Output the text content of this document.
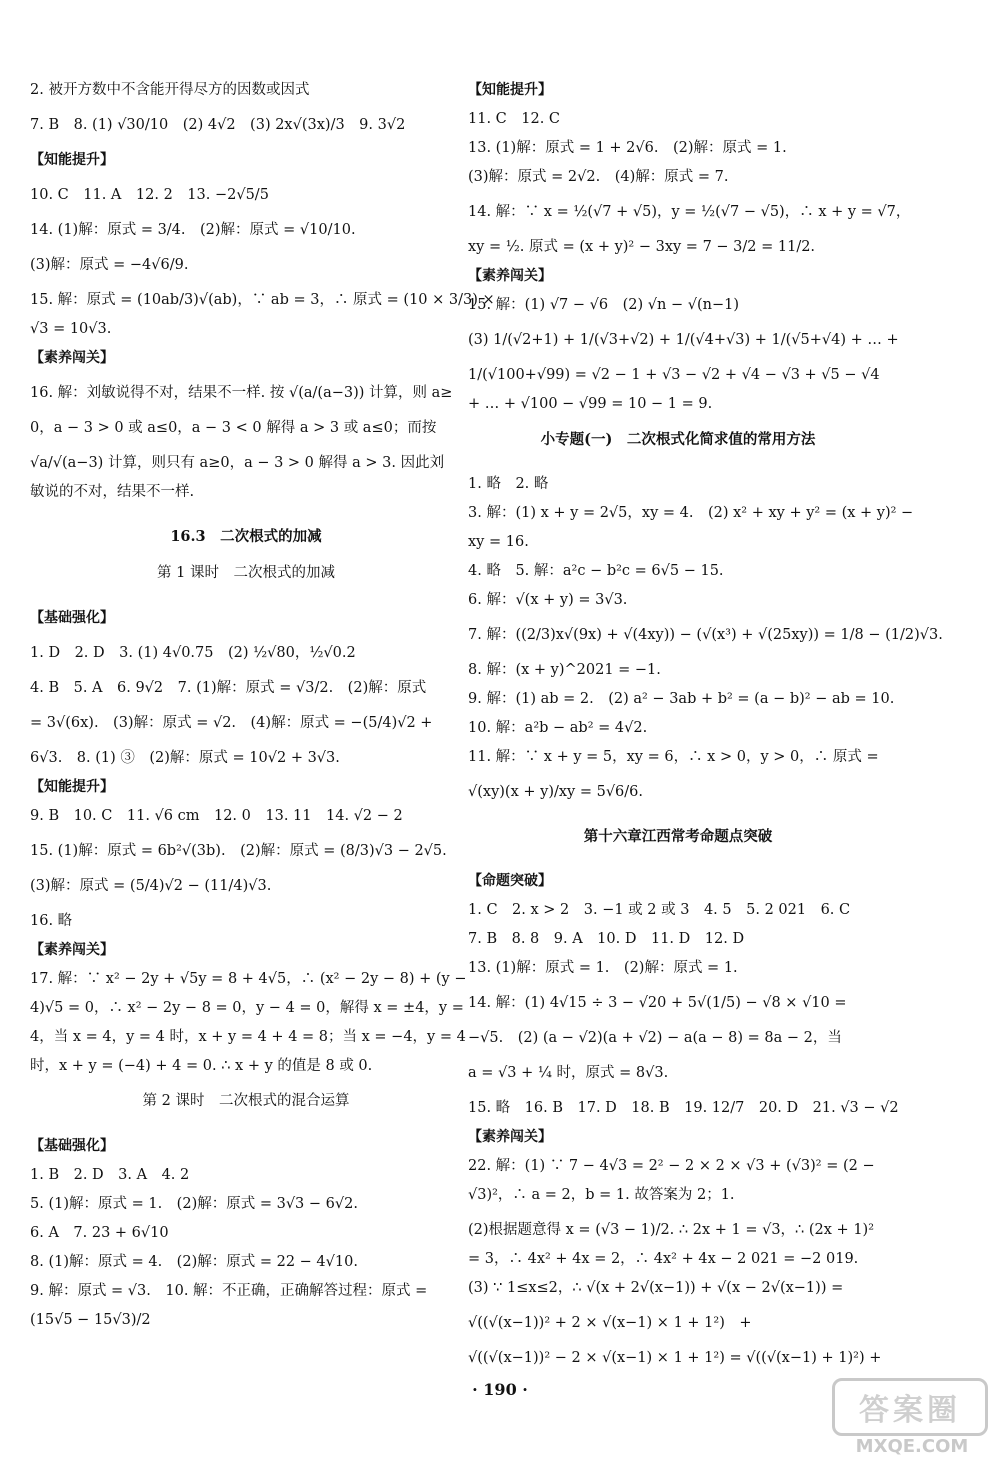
2. 被开方数中不含能开得尽方的因数或因式

7. B　8. (1) √30/10　(2) 4√2　(3) 2x√(3x)/3　9. 3√2

【知能提升】

10. C　11. A　12. 2　13. −2√5/5

14. (1)解：原式 = 3/4.　(2)解：原式 = √10/10.

(3)解：原式 = −4√6/9.

15. 解：原式 = (10ab/3)√(ab)，∵ ab = 3，∴ 原式 = (10 × 3/3) ×

√3 = 10√3.

【素养闯关】

16. 解：刘敏说得不对，结果不一样. 按 √(a/(a−3)) 计算，则 a≥

0，a − 3 > 0 或 a≤0，a − 3 < 0 解得 a > 3 或 a≤0；而按

√a/√(a−3) 计算，则只有 a≥0，a − 3 > 0 解得 a > 3. 因此刘

敏说的不对，结果不一样.

16.3　二次根式的加减

第 1 课时　二次根式的加减

【基础强化】

1. D　2. D　3. (1) 4√0.75　(2) ½√80，½√0.2

4. B　5. A　6. 9√2　7. (1)解：原式 = √3/2.　(2)解：原式

= 3√(6x).　(3)解：原式 = √2.　(4)解：原式 = −(5/4)√2 +

6√3.　8. (1) ③　(2)解：原式 = 10√2 + 3√3.

【知能提升】

9. B　10. C　11. √6 cm　12. 0　13. 11　14. √2 − 2

15. (1)解：原式 = 6b²√(3b).　(2)解：原式 = (8/3)√3 − 2√5.

(3)解：原式 = (5/4)√2 − (11/4)√3.

16. 略

【素养闯关】

17. 解：∵ x² − 2y + √5y = 8 + 4√5，∴ (x² − 2y − 8) + (y −

4)√5 = 0，∴ x² − 2y − 8 = 0，y − 4 = 0，解得 x = ±4，y =

4，当 x = 4，y = 4 时，x + y = 4 + 4 = 8；当 x = −4，y = 4

时，x + y = (−4) + 4 = 0. ∴ x + y 的值是 8 或 0.

第 2 课时　二次根式的混合运算

【基础强化】

1. B　2. D　3. A　4. 2

5. (1)解：原式 = 1.　(2)解：原式 = 3√3 − 6√2.

6. A　7. 23 + 6√10

8. (1)解：原式 = 4.　(2)解：原式 = 22 − 4√10.

9. 解：原式 = √3.　10. 解：不正确，正确解答过程：原式 =

(15√5 − 15√3)/2

【知能提升】

11. C　12. C

13. (1)解：原式 = 1 + 2√6.　(2)解：原式 = 1.

(3)解：原式 = 2√2.　(4)解：原式 = 7.

14. 解：∵ x = ½(√7 + √5)，y = ½(√7 − √5)，∴ x + y = √7，

xy = ½. 原式 = (x + y)² − 3xy = 7 − 3/2 = 11/2.

【素养闯关】

15. 解：(1) √7 − √6　(2) √n − √(n−1)

(3) 1/(√2+1) + 1/(√3+√2) + 1/(√4+√3) + 1/(√5+√4) + … +

1/(√100+√99) = √2 − 1 + √3 − √2 + √4 − √3 + √5 − √4

+ … + √100 − √99 = 10 − 1 = 9.

小专题(一)　二次根式化简求值的常用方法

1. 略　2. 略

3. 解：(1) x + y = 2√5，xy = 4.　(2) x² + xy + y² = (x + y)² −

xy = 16.

4. 略　5. 解：a²c − b²c = 6√5 − 15.

6. 解：√(x + y) = 3√3.

7. 解：((2/3)x√(9x) + √(4xy)) − (√(x³) + √(25xy)) = 1/8 − (1/2)√3.

8. 解：(x + y)^2021 = −1.

9. 解：(1) ab = 2.　(2) a² − 3ab + b² = (a − b)² − ab = 10.

10. 解：a²b − ab² = 4√2.

11. 解：∵ x + y = 5，xy = 6，∴ x > 0，y > 0，∴ 原式 =

√(xy)(x + y)/xy = 5√6/6.

第十六章江西常考命题点突破

【命题突破】

1. C　2. x > 2　3. −1 或 2 或 3　4. 5　5. 2 021　6. C

7. B　8. 8　9. A　10. D　11. D　12. D

13. (1)解：原式 = 1.　(2)解：原式 = 1.

14. 解：(1) 4√15 ÷ 3 − √20 + 5√(1/5) − √8 × √10 =

−√5.　(2) (a − √2)(a + √2) − a(a − 8) = 8a − 2，当

a = √3 + ¼ 时，原式 = 8√3.

15. 略　16. B　17. D　18. B　19. 12/7　20. D　21. √3 − √2

【素养闯关】

22. 解：(1) ∵ 7 − 4√3 = 2² − 2 × 2 × √3 + (√3)² = (2 −

√3)²，∴ a = 2，b = 1. 故答案为 2；1.

(2)根据题意得 x = (√3 − 1)/2. ∴ 2x + 1 = √3，∴ (2x + 1)²

= 3，∴ 4x² + 4x = 2，∴ 4x² + 4x − 2 021 = −2 019.

(3) ∵ 1≤x≤2，∴ √(x + 2√(x−1)) + √(x − 2√(x−1)) =

√((√(x−1))² + 2 × √(x−1) × 1 + 1²)　+

√((√(x−1))² − 2 × √(x−1) × 1 + 1²) = √((√(x−1) + 1)²) +

· 190 ·
答案圈
MXQE.COM
